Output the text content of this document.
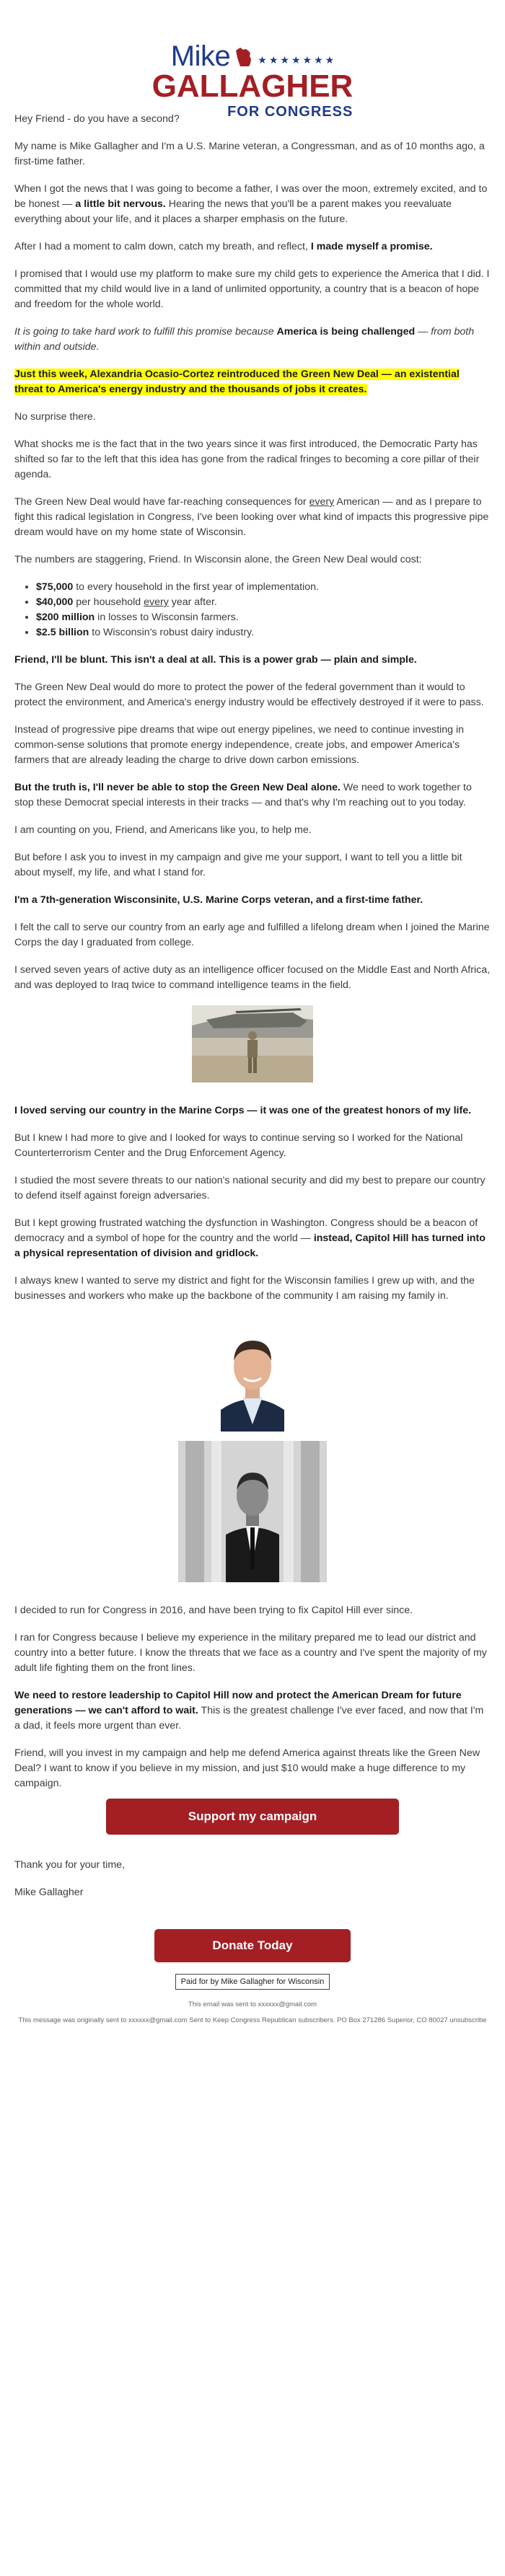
Mike	★ ★ ★ ★ ★ ★ ★
GALLAGHER
FOR CONGRESS

Hey Friend - do you have a second?

My name is Mike Gallagher and I'm a U.S. Marine veteran, a Congressman, and as of 10 months ago, a first-time father.

When I got the news that I was going to become a father, I was over the moon, extremely excited, and to be honest — a little bit nervous. Hearing the news that you'll be a parent makes you reevaluate everything about your life, and it places a sharper emphasis on the future.

After I had a moment to calm down, catch my breath, and reflect, I made myself a promise.

I promised that I would use my platform to make sure my child gets to experience the America that I did. I committed that my child would live in a land of unlimited opportunity, a country that is a beacon of hope and freedom for the whole world.

It is going to take hard work to fulfill this promise because America is being challenged — from both within and outside.

Just this week, Alexandria Ocasio-Cortez reintroduced the Green New Deal — an existential threat to America's energy industry and the thousands of jobs it creates.

No surprise there.

What shocks me is the fact that in the two years since it was first introduced, the Democratic Party has shifted so far to the left that this idea has gone from the radical fringes to becoming a core pillar of their agenda.

The Green New Deal would have far-reaching consequences for every American — and as I prepare to fight this radical legislation in Congress, I've been looking over what kind of impacts this progressive pipe dream would have on my home state of Wisconsin.

The numbers are staggering, Friend. In Wisconsin alone, the Green New Deal would cost:

• $75,000 to every household in the first year of implementation.
• $40,000 per household every year after.
• $200 million in losses to Wisconsin farmers.
• $2.5 billion to Wisconsin's robust dairy industry.

Friend, I'll be blunt. This isn't a deal at all. This is a power grab — plain and simple.

The Green New Deal would do more to protect the power of the federal government than it would to protect the environment, and America's energy industry would be effectively destroyed if it were to pass.

Instead of progressive pipe dreams that wipe out energy pipelines, we need to continue investing in common-sense solutions that promote energy independence, create jobs, and empower America's farmers that are already leading the charge to drive down carbon emissions.

But the truth is, I'll never be able to stop the Green New Deal alone. We need to work together to stop these Democrat special interests in their tracks — and that's why I'm reaching out to you today.

I am counting on you, Friend, and Americans like you, to help me.

But before I ask you to invest in my campaign and give me your support, I want to tell you a little bit about myself, my life, and what I stand for.

I'm a 7th-generation Wisconsinite, U.S. Marine Corps veteran, and a first-time father.

I felt the call to serve our country from an early age and fulfilled a lifelong dream when I joined the Marine Corps the day I graduated from college.

I served seven years of active duty as an intelligence officer focused on the Middle East and North Africa, and was deployed to Iraq twice to command intelligence teams in the field.

I loved serving our country in the Marine Corps — it was one of the greatest honors of my life.

But I knew I had more to give and I looked for ways to continue serving so I worked for the National Counterterrorism Center and the Drug Enforcement Agency.

I studied the most severe threats to our nation's national security and did my best to prepare our country to defend itself against foreign adversaries.

But I kept growing frustrated watching the dysfunction in Washington. Congress should be a beacon of democracy and a symbol of hope for the country and the world — instead, Capitol Hill has turned into a physical representation of division and gridlock.

I always knew I wanted to serve my district and fight for the Wisconsin families I grew up with, and the businesses and workers who make up the backbone of the community I am raising my family in.

I decided to run for Congress in 2016, and have been trying to fix Capitol Hill ever since.

I ran for Congress because I believe my experience in the military prepared me to lead our district and country into a better future. I know the threats that we face as a country and I've spent the majority of my adult life fighting them on the front lines.

We need to restore leadership to Capitol Hill now and protect the American Dream for future generations — we can't afford to wait. This is the greatest challenge I've ever faced, and now that I'm a dad, it feels more urgent than ever.

Friend, will you invest in my campaign and help me defend America against threats like the Green New Deal? I want to know if you believe in my mission, and just $10 would make a huge difference to my campaign.

Support my campaign

Thank you for your time,

Mike Gallagher

Donate Today
Paid for by Mike Gallagher for Wisconsin

This email was sent to xxxxxx@gmail.com

This message was originally sent to xxxxxx@gmail.com Sent to Keep Congress Republican subscribers. PO Box 271286 Superior, CO 80027 unsubscribe
